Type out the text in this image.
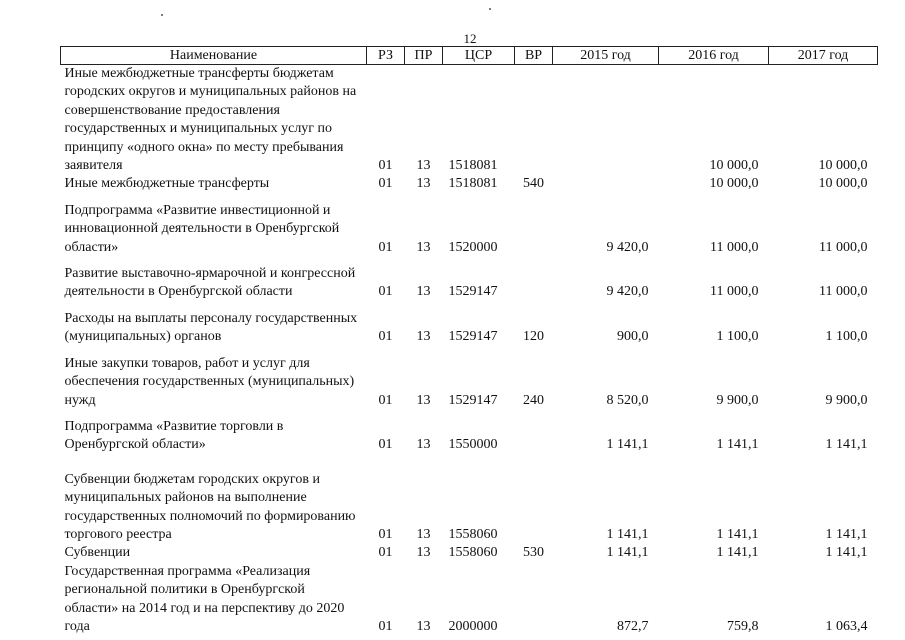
12
Наименование	РЗ	ПР	ЦСР	ВР	2015 год	2016 год	2017 год
Иные межбюджетные трансферты бюджетам городских округов и муниципальных районов на совершенствование предоставления государственных и муниципальных услуг по принципу «одного окна» по месту пребывания заявителя	01	13	1518081			10 000,0	10 000,0
Иные межбюджетные трансферты	01	13	1518081	540		10 000,0	10 000,0
Подпрограмма «Развитие инвестиционной и инновационной деятельности в Оренбургской области»	01	13	1520000		9 420,0	11 000,0	11 000,0
Развитие выставочно-ярмарочной и конгрессной деятельности в Оренбургской области	01	13	1529147		9 420,0	11 000,0	11 000,0
Расходы на выплаты персоналу государственных (муниципальных) органов	01	13	1529147	120	900,0	1 100,0	1 100,0
Иные закупки товаров, работ и услуг для обеспечения государственных (муниципальных) нужд	01	13	1529147	240	8 520,0	9 900,0	9 900,0
Подпрограмма «Развитие торговли в Оренбургской области»	01	13	1550000		1 141,1	1 141,1	1 141,1
Субвенции бюджетам городских округов и муниципальных районов на выполнение государственных полномочий по формированию торгового реестра	01	13	1558060		1 141,1	1 141,1	1 141,1
Субвенции	01	13	1558060	530	1 141,1	1 141,1	1 141,1
Государственная программа «Реализация региональной политики в Оренбургской области» на 2014 год и на перспективу до 2020 года	01	13	2000000		872,7	759,8	1 063,4
